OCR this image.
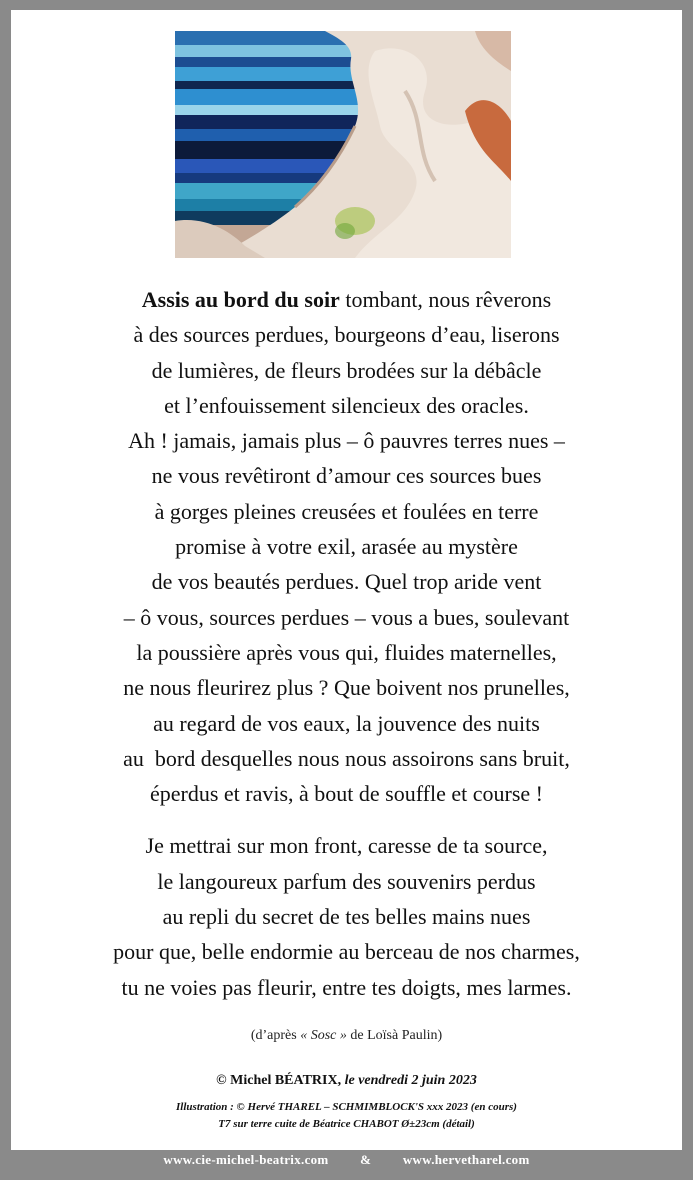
Assis au bord du soir tombant, nous rêverons
à des sources perdues, bourgeons d’eau, liserons
de lumières, de fleurs brodées sur la débâcle
et l’enfouissement silencieux des oracles.
Ah ! jamais, jamais plus – ô pauvres terres nues –
ne vous revêtiront d’amour ces sources bues
à gorges pleines creusées et foulées en terre
promise à votre exil, arasée au mystère
de vos beautés perdues. Quel trop aride vent
– ô vous, sources perdues – vous a bues, soulevant
la poussière après vous qui, fluides maternelles,
ne nous fleurirez plus ? Que boivent nos prunelles,
au regard de vos eaux, la jouvence des nuits
au  bord desquelles nous nous assoirons sans bruit,
éperdus et ravis, à bout de souffle et course !
Je mettrai sur mon front, caresse de ta source,
le langoureux parfum des souvenirs perdus
au repli du secret de tes belles mains nues
pour que, belle endormie au berceau de nos charmes,
tu ne voies pas fleurir, entre tes doigts, mes larmes.
(d’après « Sosc » de Loïsà Paulin)
© Michel BÉATRIX, le vendredi 2 juin 2023
Illustration : © Hervé THAREL – SCHMIMBLOCK'S xxx 2023 (en cours)
T7 sur terre cuite de Béatrice CHABOT Ø±23cm (détail)
www.cie-michel-beatrix.com & www.hervetharel.com
